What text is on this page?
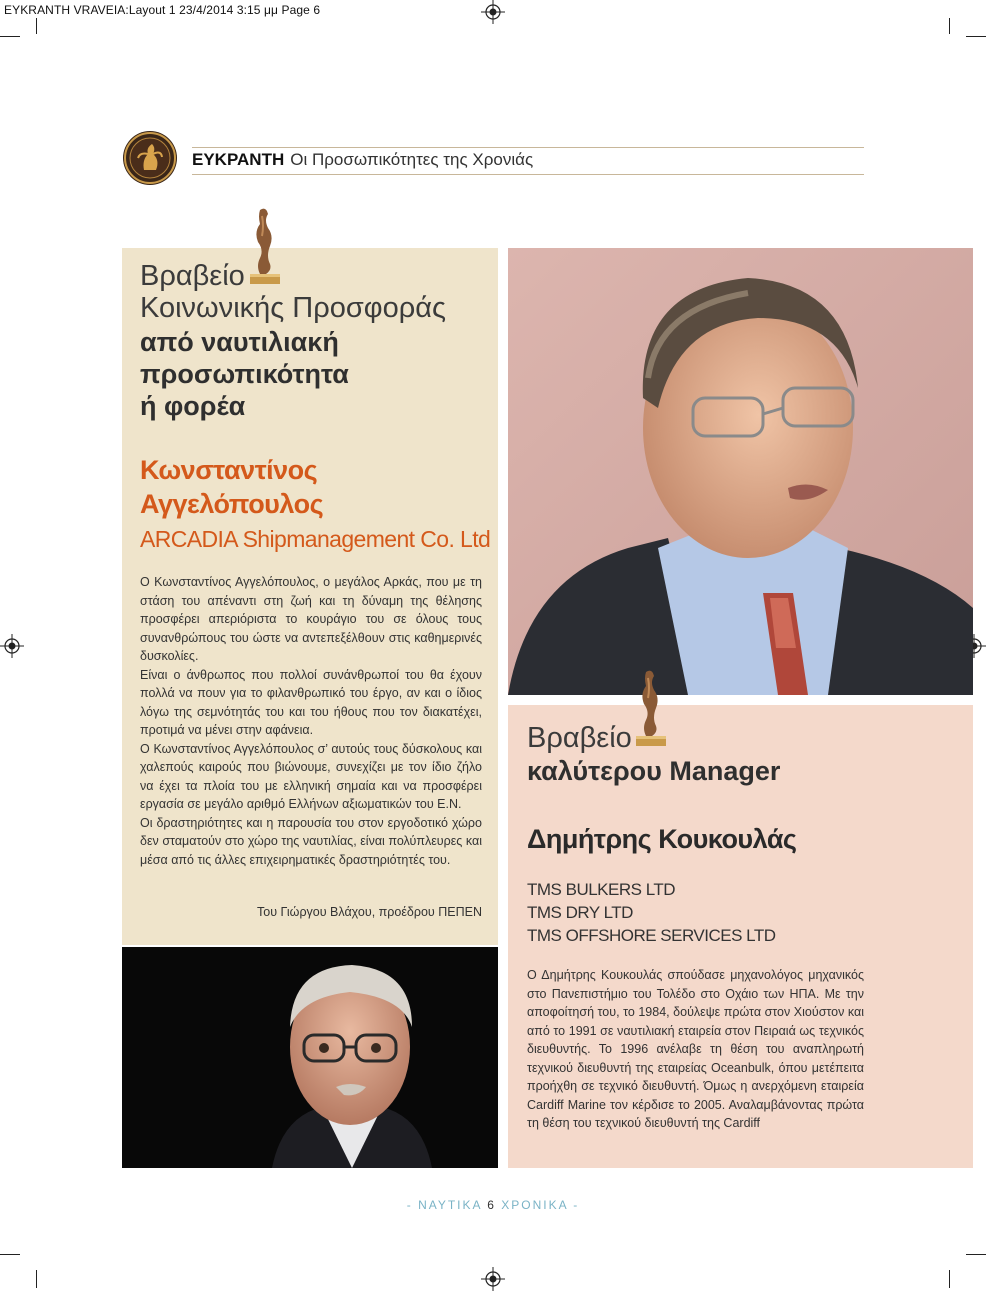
EYKRANTH VRAVEIA:Layout 1 23/4/2014 3:15 μμ Page 6
ΕΥΚΡΑΝΤΗ Οι Προσωπικότητες της Χρονιάς
Βραβείο
Κοινωνικής Προσφοράς
από ναυτιλιακή
προσωπικότητα
ή φορέα
Κωνσταντίνος
Αγγελόπουλος
ARCADIA Shipmanagement Co. Ltd

Ο Κωνσταντίνος Αγγελόπουλος, ο μεγάλος Αρκάς, που με τη στάση του απέναντι στη ζωή και τη δύναμη της θέλησης προσφέρει απεριόριστα το κουράγιο του σε όλους τους συνανθρώπους του ώστε να αντεπεξέλθουν στις καθημερινές δυσκολίες.

Είναι ο άνθρωπος που πολλοί συνάνθρωποί του θα έχουν πολλά να πουν για το φιλανθρωπικό του έργο, αν και ο ίδιος λόγω της σεμνότητάς του και του ήθους που τον διακατέχει, προτιμά να μένει στην αφάνεια.

Ο Κωνσταντίνος Αγγελόπουλος σ’ αυτούς τους δύσκολους και χαλεπούς καιρούς που βιώνουμε, συνεχίζει με τον ίδιο ζήλο να έχει τα πλοία του με ελληνική σημαία και να προσφέρει εργασία σε μεγάλο αριθμό Ελλήνων αξιωματικών του Ε.Ν.

Οι δραστηριότητες και η παρουσία του στον εργοδοτικό χώρο δεν σταματούν στο χώρο της ναυτιλίας, είναι πολύπλευρες και μέσα από τις άλλες επιχειρηματικές δραστηριότητές του.

Του Γιώργου Βλάχου, προέδρου ΠΕΠΕΝ
Βραβείο
καλύτερου Manager
Δημήτρης Κουκουλάς
TMS BULKERS LTD
TMS DRY LTD
TMS OFFSHORE SERVICES LTD
Ο Δημήτρης Κουκουλάς σπούδασε μηχανολόγος μηχανικός στο Πανεπιστήμιο του Τολέδο στο Οχάιο των ΗΠΑ. Με την αποφοίτησή του, το 1984, δούλεψε πρώτα στον Χιούστον και από το 1991 σε ναυτιλιακή εταιρεία στον Πειραιά ως τεχνικός διευθυντής. Το 1996 ανέλαβε τη θέση του αναπληρωτή τεχνικού διευθυντή της εταιρείας Oceanbulk, όπου μετέπειτα προήχθη σε τεχνικό διευθυντή. Όμως η ανερχόμενη εταιρεία Cardiff Marine τον κέρδισε το 2005. Αναλαμβάνοντας πρώτα τη θέση του τεχνικού διευθυντή της Cardiff
- ΝΑΥΤΙΚΑ 6 ΧΡΟΝΙΚΑ -
